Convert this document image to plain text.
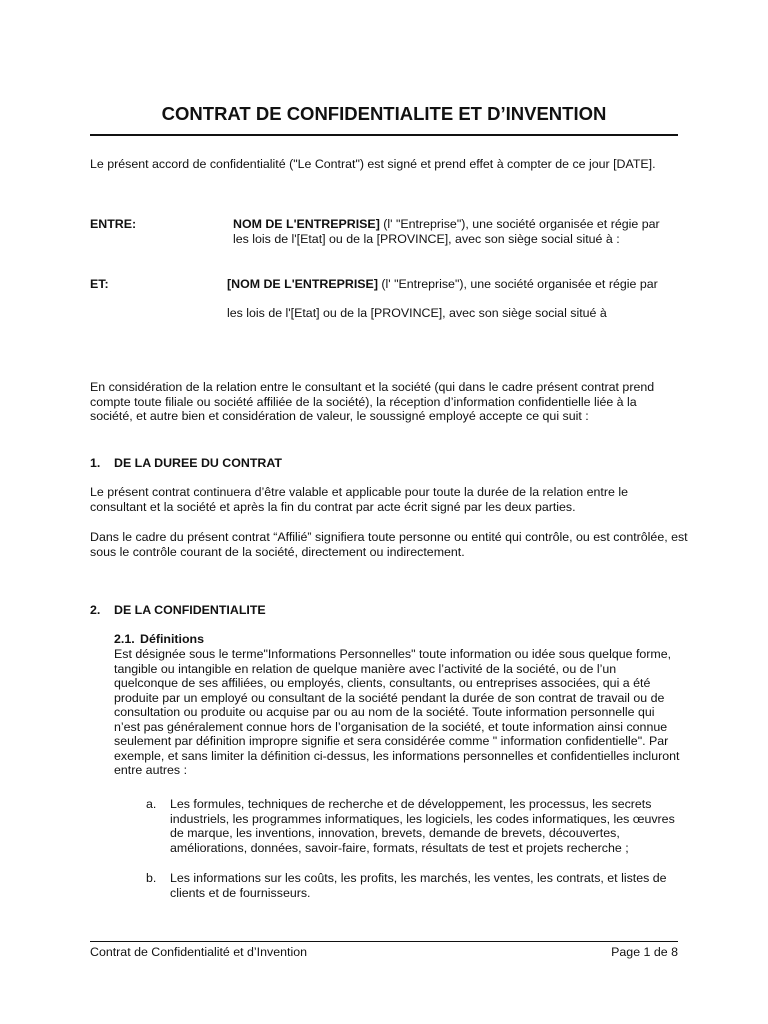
CONTRAT DE CONFIDENTIALITE ET D’INVENTION
Le présent accord de confidentialité ("Le Contrat") est signé et prend effet à compter de ce jour [DATE].
ENTRE:	NOM DE L'ENTREPRISE] (l' "Entreprise"), une société organisée et régie par
les lois de l'[Etat] ou de la [PROVINCE], avec son siège social situé à :
ET:	[NOM DE L'ENTREPRISE] (l' "Entreprise"), une société organisée et régie par
les lois de l'[Etat] ou de la [PROVINCE], avec son siège social situé à
En considération de la relation entre le consultant et la société (qui dans le cadre présent contrat prend compte toute filiale ou société affiliée de la société), la réception d’information confidentielle liée à la société, et autre bien et considération de valeur, le soussigné employé accepte ce qui suit :
1. DE LA DUREE DU CONTRAT
Le présent contrat continuera d’être valable et applicable pour toute la durée de la relation entre le consultant et la société et après la fin du contrat par acte écrit signé par les deux parties.
Dans le cadre du présent contrat “Affilié” signifiera toute personne ou entité qui contrôle, ou est contrôlée, est sous le contrôle courant de la société, directement ou indirectement.
2. DE LA CONFIDENTIALITE
2.1. Définitions
Est désignée sous le terme"Informations Personnelles" toute information ou idée sous quelque forme, tangible ou intangible en relation de quelque manière avec l’activité de la société, ou de l’un quelconque de ses affiliées, ou employés, clients, consultants, ou entreprises associées, qui a été produite par un employé ou consultant de la société pendant la durée de son contrat de travail ou de consultation ou produite ou acquise par ou au nom de la société. Toute information personnelle qui n’est pas généralement connue hors de l’organisation de la société, et toute information ainsi connue seulement par définition impropre signifie et sera considérée comme " information confidentielle". Par exemple, et sans limiter la définition ci-dessus, les informations personnelles et confidentielles incluront entre autres :
a. Les formules, techniques de recherche et de développement, les processus, les secrets industriels, les programmes informatiques, les logiciels, les codes informatiques, les œuvres de marque, les inventions, innovation, brevets, demande de brevets, découvertes, améliorations, données, savoir-faire, formats, résultats de test et projets recherche ;
b. Les informations sur les coûts, les profits, les marchés, les ventes, les contrats, et listes de clients et de fournisseurs.
Contrat de Confidentialité et d’Invention	Page 1 de 8
